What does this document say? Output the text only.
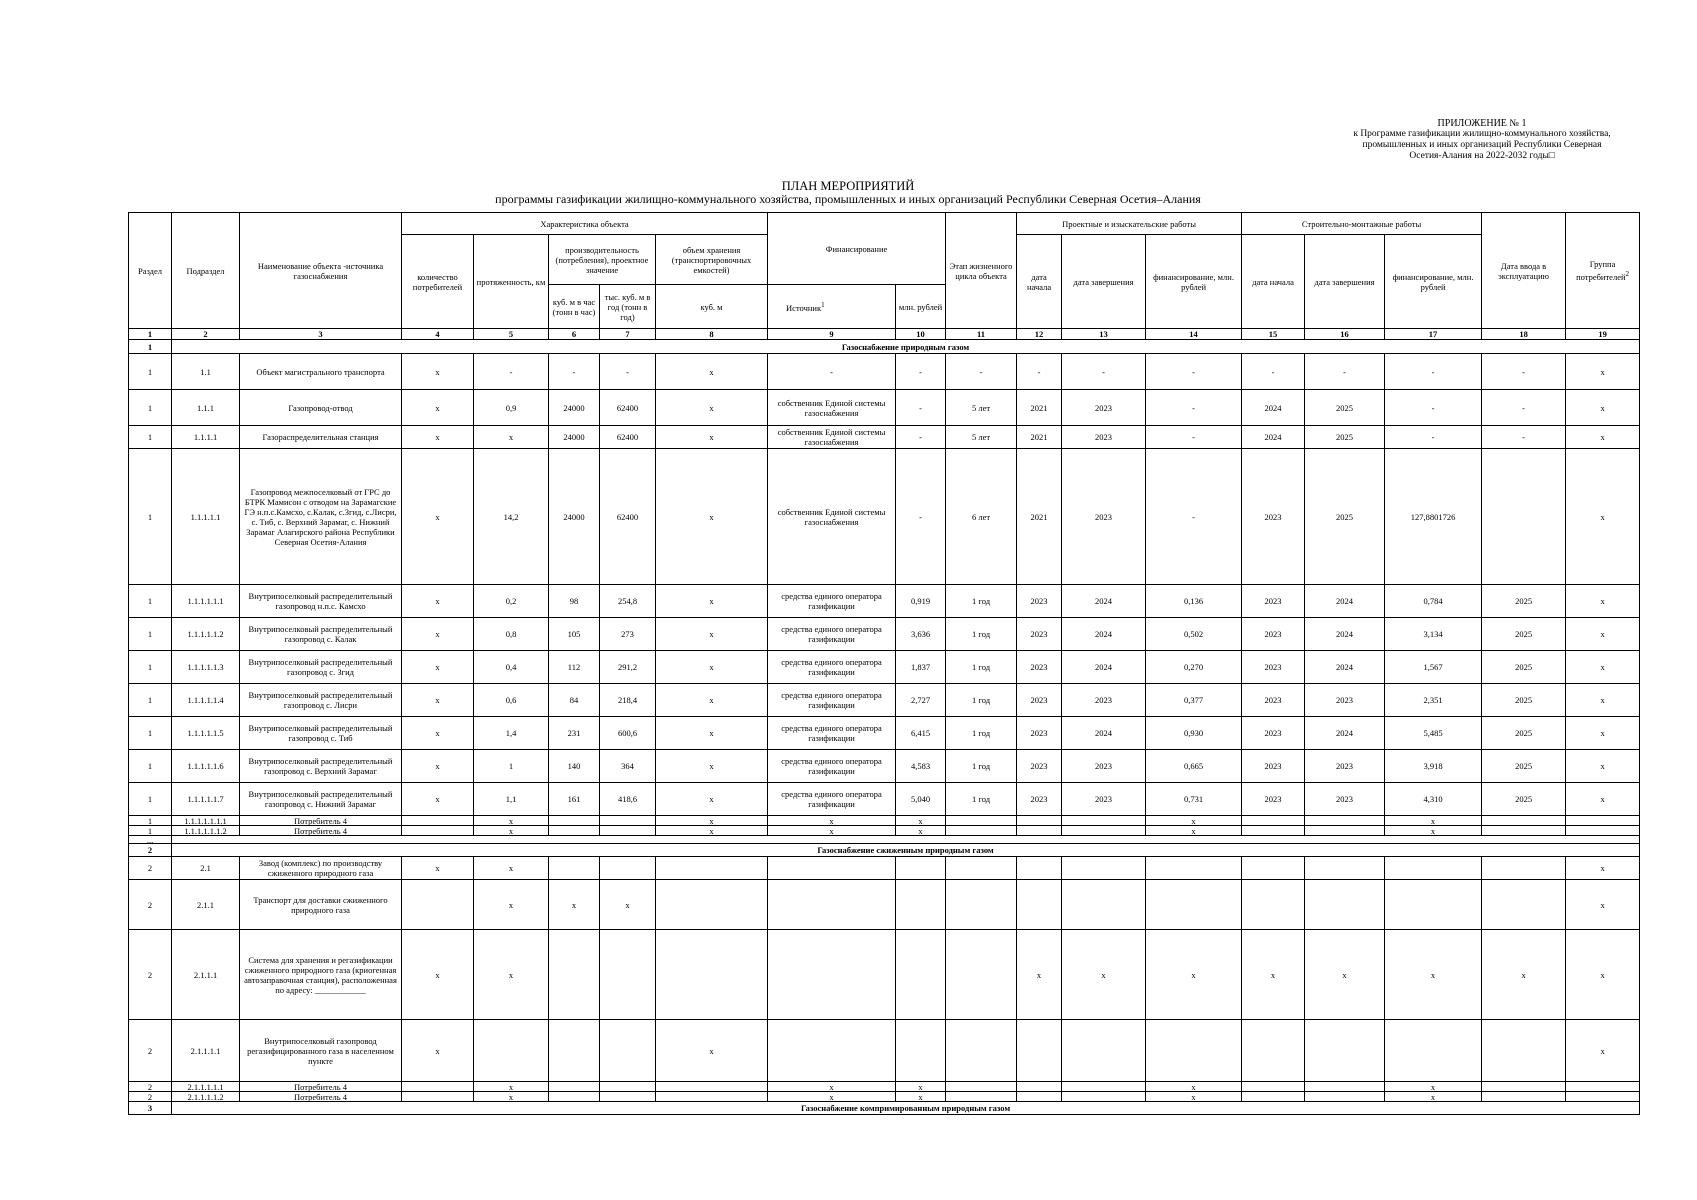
ПРИЛОЖЕНИЕ № 1
к Программе газификации жилищно-коммунального хозяйства,
промышленных и иных организаций Республики Северная
Осетия-Алания на 2022-2032 годы□
ПЛАН МЕРОПРИЯТИЙ
программы газификации жилищно-коммунального хозяйства, промышленных и иных организаций Республики Северная Осетия–Алания
Раздел	Подраздел	Наименование объекта -источника газоснабжения	Характеристика объекта					Финансирование		Этап жизненного цикла объекта	Проектные и изыскательские работы			Строительно-монтажные работы			Дата ввода в эксплуатацию	Группа потребителей$^2$
			количество потребителей	протяженность, км	производительность (потребления), проектное значение		объем хранения (транспортировочных емкостей)				дата начала	дата завершения	финансирование, млн. рублей	дата начала	дата завершения	финансирование, млн. рублей		
					куб. м в час (тонн в час)	тыс. куб. м в год (тонн в год)	куб. м	Источник$^1$	млн. рублей									

1	2	3	4	5	6	7	8	9	10	11	12	13	14	15	16	17	18	19
1	Газоснабжение природным газом																	
1	1.1	Объект магистрального транспорта	x	-	-	-	x	-	-	-	-	-	-	-	-	-	-	x
1	1.1.1	Газопровод-отвод	x	0,9	24000	62400	x	собственник Единой системы газоснабжения	-	5 лет	2021	2023	-	2024	2025	-	-	x
1	1.1.1.1	Газораспределительная станция	x	x	24000	62400	x	собственник Единой системы газоснабжения	-	5 лет	2021	2023	-	2024	2025	-	-	x
1	1.1.1.1.1	Газопровод межпоселковый от ГРС до БТРК Мамисон с отводом на Зарамагские ГЭ н.п.с.Камсхо, с.Калак, с.Згид, с.Лисри, с. Тиб, с. Верхний Зарамаг, с. Нижний Зарамаг Алагирского района Республики Северная Осетия-Алания	x	14,2	24000	62400	x	собственник Единой системы газоснабжения	-	6 лет	2021	2023	-	2023	2025	127,8801726		x
1	1.1.1.1.1.1	Внутрипоселковый распределительный газопровод н.п.с. Камсхо	x	0,2	98	254,8	x	средства единого оператора газификации	0,919	1 год	2023	2024	0,136	2023	2024	0,784	2025	x
1	1.1.1.1.1.2	Внутрипоселковый распределительный газопровод с. Калак	x	0,8	105	273	x	средства единого оператора газификации	3,636	1 год	2023	2024	0,502	2023	2024	3,134	2025	x
1	1.1.1.1.1.3	Внутрипоселковый распределительный газопровод с. Згид	x	0,4	112	291,2	x	средства единого оператора газификации	1,837	1 год	2023	2024	0,270	2023	2024	1,567	2025	x
1	1.1.1.1.1.4	Внутрипоселковый распределительный газопровод с. Лисри	x	0,6	84	218,4	x	средства единого оператора газификации	2,727	1 год	2023	2023	0,377	2023	2023	2,351	2025	x
1	1.1.1.1.1.5	Внутрипоселковый распределительный газопровод с. Тиб	x	1,4	231	600,6	x	средства единого оператора газификации	6,415	1 год	2023	2024	0,930	2023	2024	5,485	2025	x
1	1.1.1.1.1.6	Внутрипоселковый распределительный газопровод с. Верхний Зарамаг	x	1	140	364	x	средства единого оператора газификации	4,583	1 год	2023	2023	0,665	2023	2023	3,918	2025	x
1	1.1.1.1.1.7	Внутрипоселковый распределительный газопровод с. Нижний Зарамаг	x	1,1	161	418,6	x	средства единого оператора газификации	5,040	1 год	2023	2023	0,731	2023	2023	4,310	2025	x
1	1.1.1.1.1.1.1	Потребитель 4		x			x	x	x				x			x		
1	1.1.1.1.1.1.2	Потребитель 4		x			x	x	x				x			x		
...																		
2	Газоснабжение сжиженным природным газом																	
2	2.1	Завод (комплекс) по производству сжиженного природного газа	x	x														x
2	2.1.1	Транспорт для доставки сжиженного природного газа		x	x	x												x
2	2.1.1.1	Система для хранения и регазификации сжиженного природного газа (криогенная автозаправочная станция), расположенная по адресу: ____________	x	x							x	x	x	x	x	x	x	x
2	2.1.1.1.1	Внутрипоселковый газопровод регазифицированного газа в населенном пункте	x				x											x
2	2.1.1.1.1.1	Потребитель 4		x				x	x				x			x		
2	2.1.1.1.1.2	Потребитель 4		x				x	x				x			x		
3	Газоснабжение компримированным природным газом																	
